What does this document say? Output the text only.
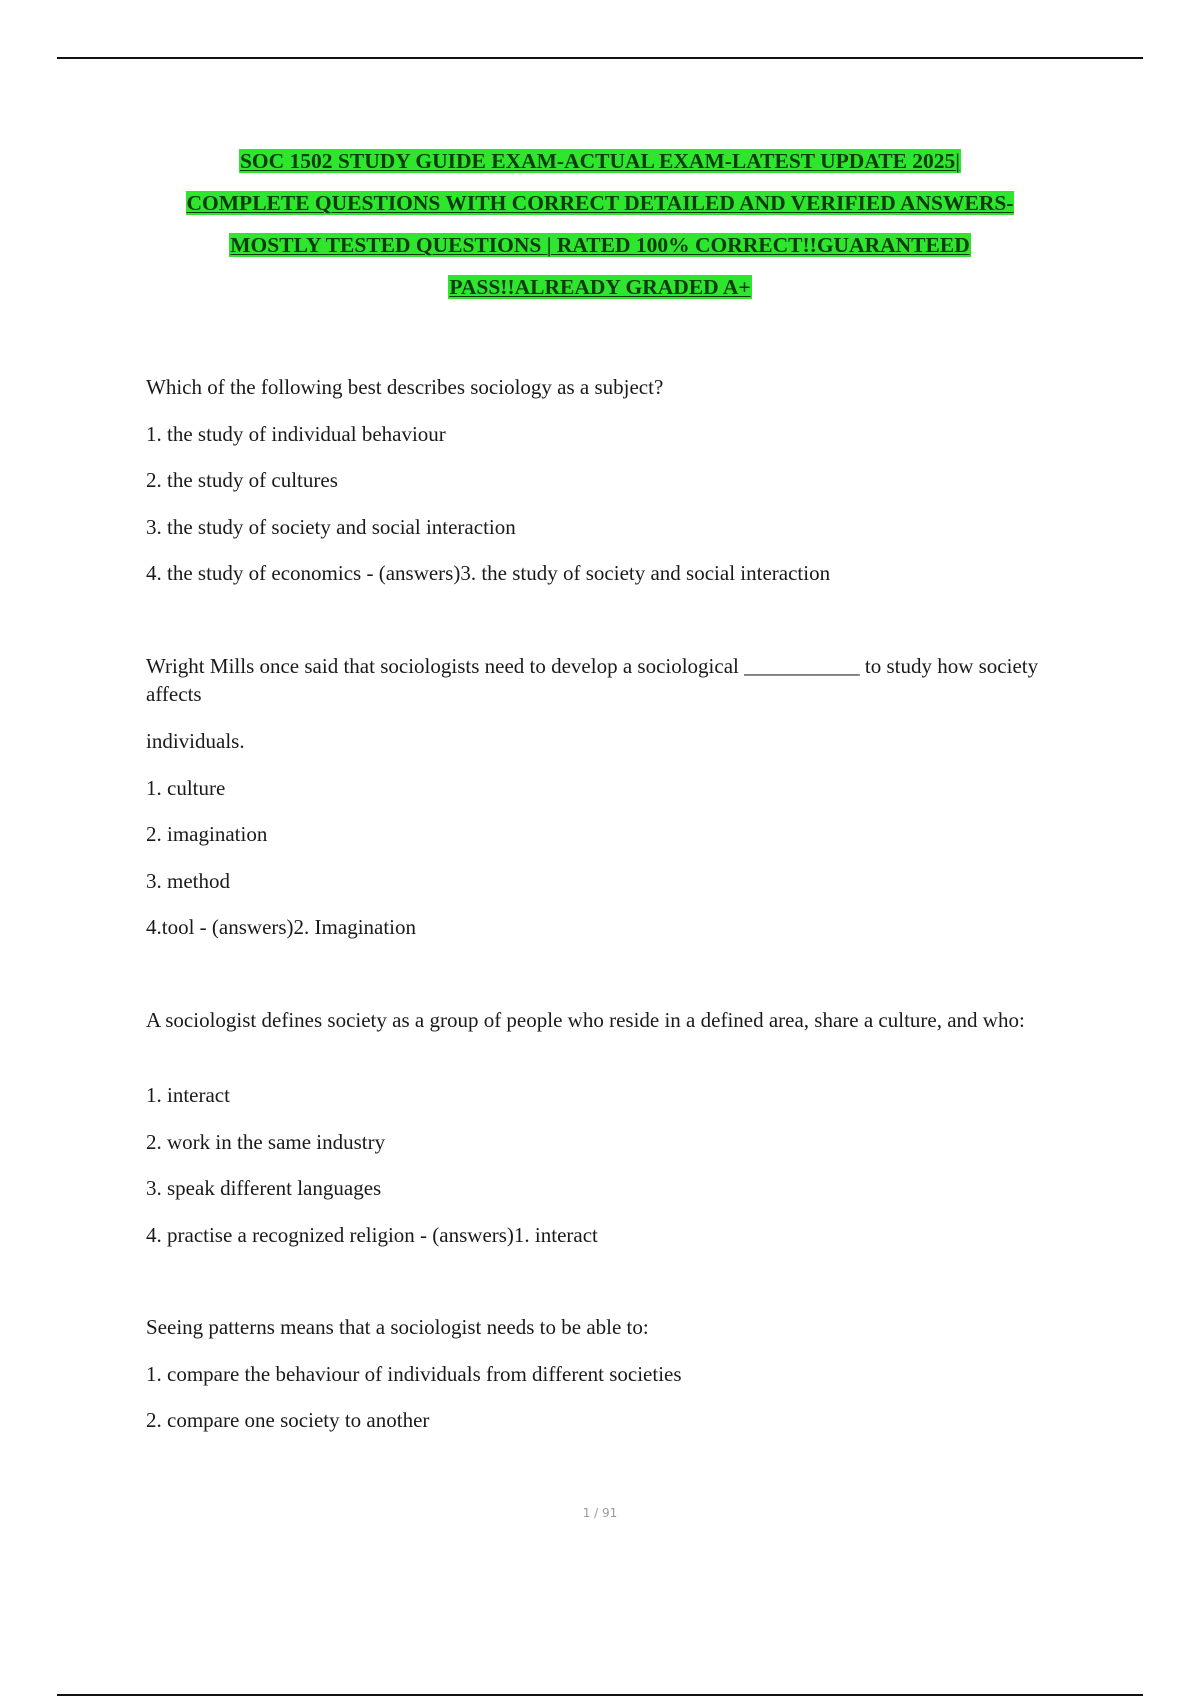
SOC 1502 STUDY GUIDE EXAM-ACTUAL EXAM-LATEST UPDATE 2025|
COMPLETE QUESTIONS WITH CORRECT DETAILED AND VERIFIED ANSWERS-
MOSTLY TESTED QUESTIONS | RATED 100% CORRECT!!GUARANTEED
PASS!!ALREADY GRADED A+

Which of the following best describes sociology as a subject?

1. the study of individual behaviour

2. the study of cultures

3. the study of society and social interaction

4. the study of economics - (answers)3. the study of society and social interaction

Wright Mills once said that sociologists need to develop a sociological ___________ to study how society affects

individuals.

1. culture

2. imagination

3. method

4.tool - (answers)2. Imagination

A sociologist defines society as a group of people who reside in a defined area, share a culture, and who:

1. interact

2. work in the same industry

3. speak different languages

4. practise a recognized religion - (answers)1. interact

Seeing patterns means that a sociologist needs to be able to:

1. compare the behaviour of individuals from different societies

2. compare one society to another

1 / 91
